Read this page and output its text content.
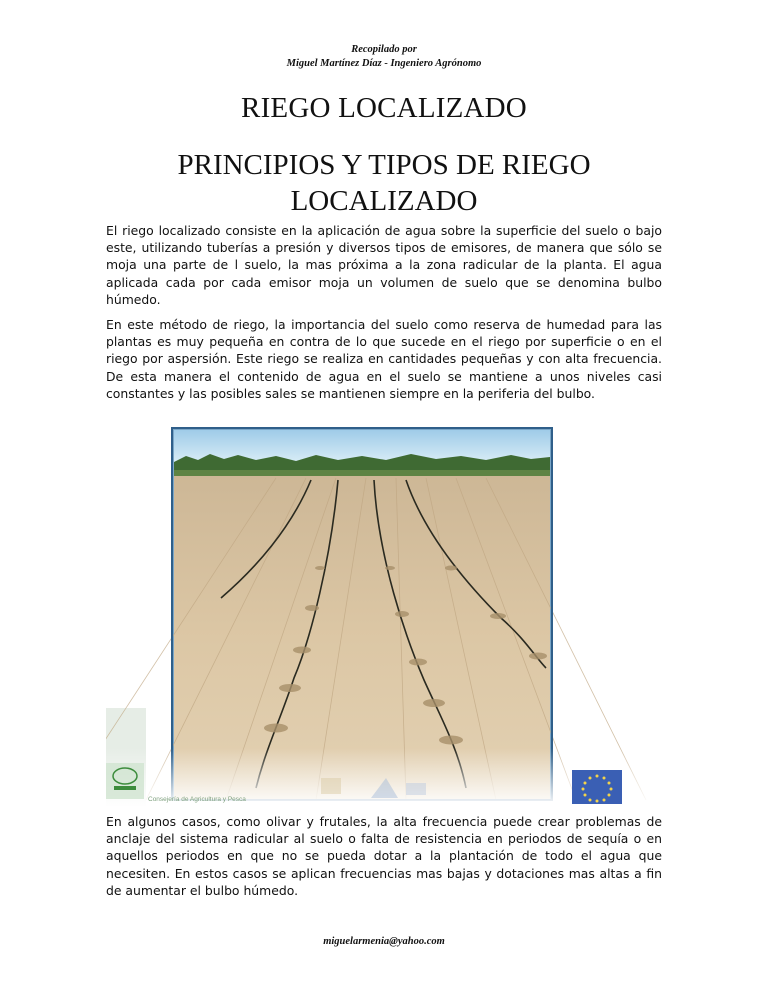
Recopilado por
Miguel Martínez Díaz - Ingeniero Agrónomo
RIEGO LOCALIZADO
PRINCIPIOS Y TIPOS DE RIEGO
LOCALIZADO

El riego localizado consiste en la aplicación de agua sobre la superficie del suelo o bajo este, utilizando tuberías a presión y diversos tipos de emisores, de manera que sólo se moja una parte de l suelo, la mas próxima a la zona radicular de la planta. El agua aplicada cada por cada emisor moja un volumen de suelo que se denomina bulbo húmedo.

En este método de riego, la importancia del suelo como reserva de humedad para las plantas es muy pequeña en contra de lo que sucede en el riego por superficie o en el riego por aspersión. Este riego se realiza en cantidades pequeñas y con alta frecuencia. De esta manera el contenido de agua en el suelo se mantiene a unos niveles casi constantes y las posibles sales se mantienen siempre en la periferia del bulbo.

Consejería de Agricultura y Pesca

En algunos casos, como olivar y frutales, la alta frecuencia puede crear problemas de anclaje del sistema radicular al suelo o falta de resistencia en periodos de sequía o en aquellos periodos en que no se pueda dotar a la plantación de todo el agua que necesiten. En estos casos se aplican frecuencias mas bajas y dotaciones mas altas a fin de aumentar el bulbo húmedo.

miguelarmenia@yahoo.com
